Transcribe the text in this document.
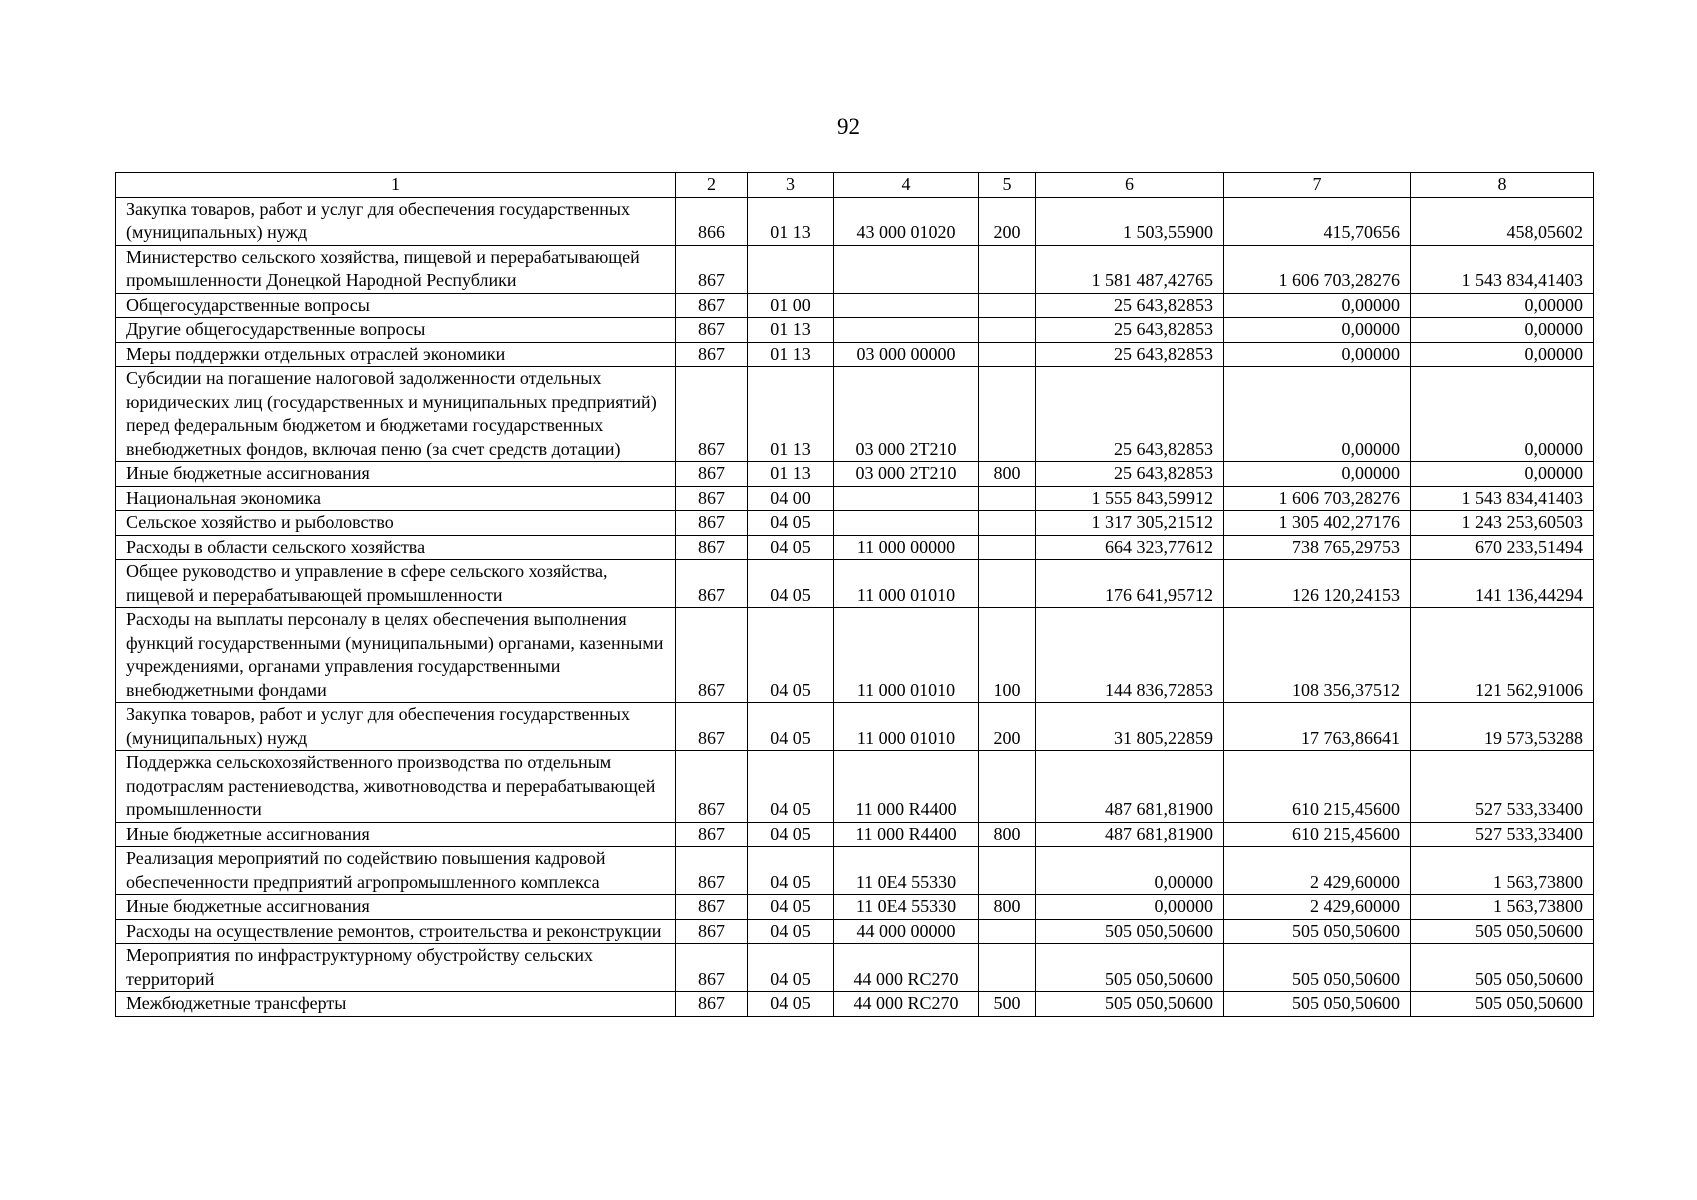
92
1	2	3	4	5	6	7	8
Закупка товаров, работ и услуг для обеспечения государственных (муниципальных) нужд	866	01 13	43 000 01020	200	1 503,55900	415,70656	458,05602
Министерство сельского хозяйства, пищевой и перерабатывающей промышленности Донецкой Народной Республики	867				1 581 487,42765	1 606 703,28276	1 543 834,41403
Общегосударственные вопросы	867	01 00			25 643,82853	0,00000	0,00000
Другие общегосударственные вопросы	867	01 13			25 643,82853	0,00000	0,00000
Меры поддержки отдельных отраслей экономики	867	01 13	03 000 00000		25 643,82853	0,00000	0,00000
Субсидии на погашение налоговой задолженности отдельных юридических лиц (государственных и муниципальных предприятий) перед федеральным бюджетом и бюджетами государственных внебюджетных фондов, включая пеню (за счет средств дотации)	867	01 13	03 000 2Т210		25 643,82853	0,00000	0,00000
Иные бюджетные ассигнования	867	01 13	03 000 2Т210	800	25 643,82853	0,00000	0,00000
Национальная экономика	867	04 00			1 555 843,59912	1 606 703,28276	1 543 834,41403
Сельское хозяйство и рыболовство	867	04 05			1 317 305,21512	1 305 402,27176	1 243 253,60503
Расходы в области сельского хозяйства	867	04 05	11 000 00000		664 323,77612	738 765,29753	670 233,51494
Общее руководство и управление в сфере сельского хозяйства, пищевой и перерабатывающей промышленности	867	04 05	11 000 01010		176 641,95712	126 120,24153	141 136,44294
Расходы на выплаты персоналу в целях обеспечения выполнения функций государственными (муниципальными) органами, казенными учреждениями, органами управления государственными внебюджетными фондами	867	04 05	11 000 01010	100	144 836,72853	108 356,37512	121 562,91006
Закупка товаров, работ и услуг для обеспечения государственных (муниципальных) нужд	867	04 05	11 000 01010	200	31 805,22859	17 763,86641	19 573,53288
Поддержка сельскохозяйственного производства по отдельным подотраслям растениеводства, животноводства и перерабатывающей промышленности	867	04 05	11 000 R4400		487 681,81900	610 215,45600	527 533,33400
Иные бюджетные ассигнования	867	04 05	11 000 R4400	800	487 681,81900	610 215,45600	527 533,33400
Реализация мероприятий по содействию повышения кадровой обеспеченности предприятий агропромышленного комплекса	867	04 05	11 0Е4 55330		0,00000	2 429,60000	1 563,73800
Иные бюджетные ассигнования	867	04 05	11 0Е4 55330	800	0,00000	2 429,60000	1 563,73800
Расходы на осуществление ремонтов, строительства и реконструкции	867	04 05	44 000 00000		505 050,50600	505 050,50600	505 050,50600
Мероприятия по инфраструктурному обустройству сельских территорий	867	04 05	44 000 RC270		505 050,50600	505 050,50600	505 050,50600
Межбюджетные трансферты	867	04 05	44 000 RC270	500	505 050,50600	505 050,50600	505 050,50600
